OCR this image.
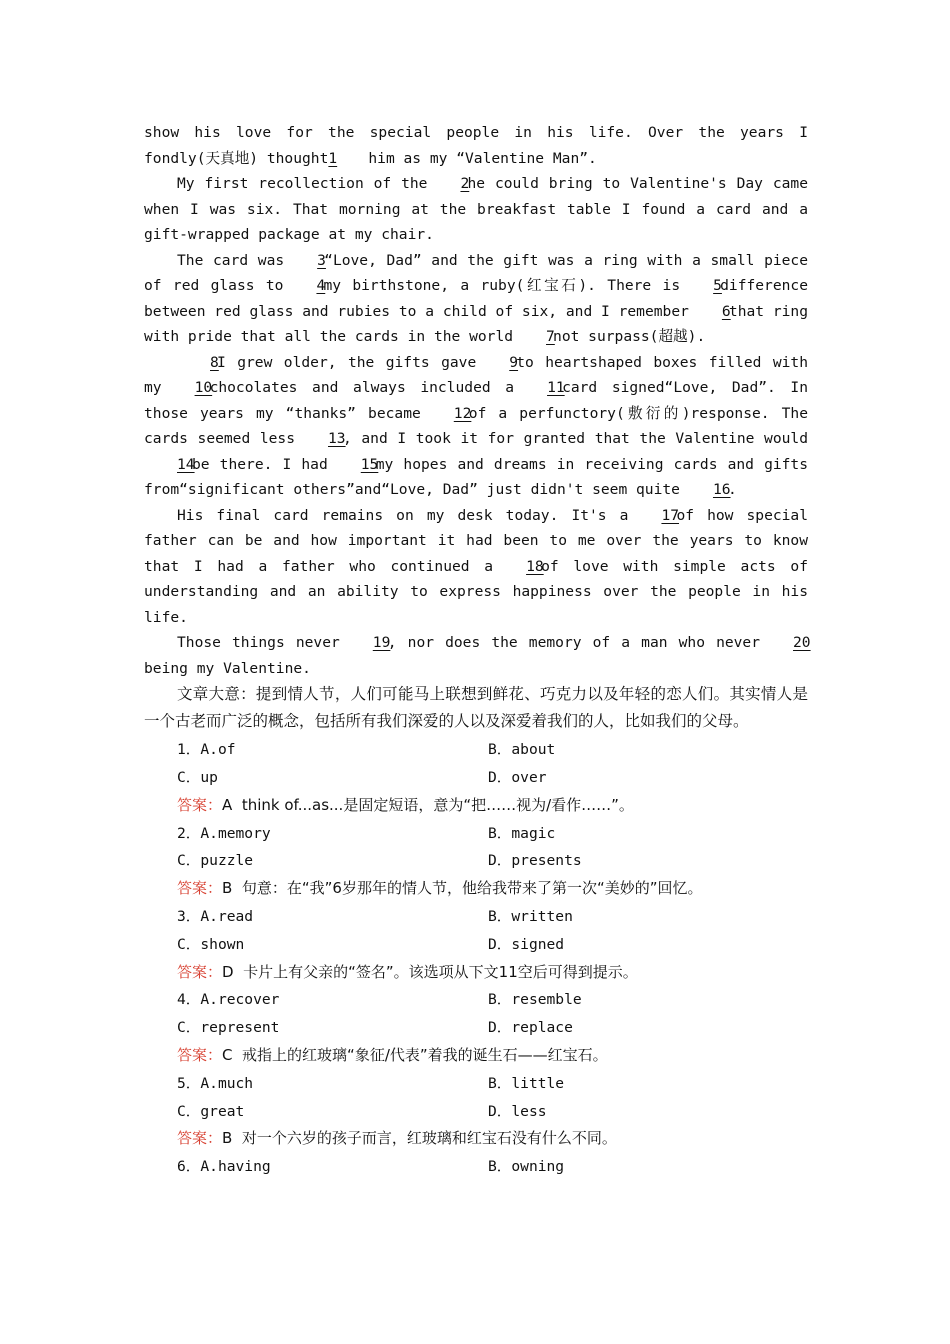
show his love for the special people in his life. Over the years I fondly(天真地) thought1 him as my “Valentine Man”.

My first recollection of the 2he could bring to Valentine's Day came when I was six. That morning at the breakfast table I found a card and a gift-wrapped package at my chair.

The card was 3“Love, Dad” and the gift was a ring with a small piece of red glass to 4my birthstone, a ruby(红宝石). There is 5difference between red glass and rubies to a child of six, and I remember 6that ring with pride that all the cards in the world 7not surpass(超越).

8I grew older, the gifts gave 9to heartshaped boxes filled with my 10chocolates and always included a 11card signed“Love, Dad”. In those years my “thanks” became 12of a perfunctory(敷衍的)response. The cards seemed less 13, and I took it for granted that the Valentine would14be there. I had 15my hopes and dreams in receiving cards and gifts from“significant others”and“Love, Dad” just didn't seem quite 16.

His final card remains on my desk today. It's a 17of how special father can be and how important it had been to me over the years to know that I had a father who continued a 18of love with simple acts of understanding and an ability to express happiness over the people in his life.

Those things never 19, nor does the memory of a man who never 20being my Valentine.

文章大意：提到情人节，人们可能马上联想到鲜花、巧克力以及年轻的恋人们。其实情人是一个古老而广泛的概念，包括所有我们深爱的人以及深爱着我们的人，比如我们的父母。

1．A.of	B．about
C．up	D．over
答案： A
think of...as...是固定短语，意为“把……视为/看作……”。
2．A.memory	B．magic
C．puzzle	D．presents
答案： B
句意：在“我”6岁那年的情人节，他给我带来了第一次“美妙的”回忆。
3．A.read	B．written
C．shown	D．signed
答案： D
卡片上有父亲的“签名”。该选项从下文11空后可得到提示。
4．A.recover	B．resemble
C．represent	D．replace
答案： C
戒指上的红玻璃“象征/代表”着我的诞生石——红宝石。
5．A.much	B．little
C．great	D．less
答案： B
对一个六岁的孩子而言，红玻璃和红宝石没有什么不同。
6．A.having	B．owning
